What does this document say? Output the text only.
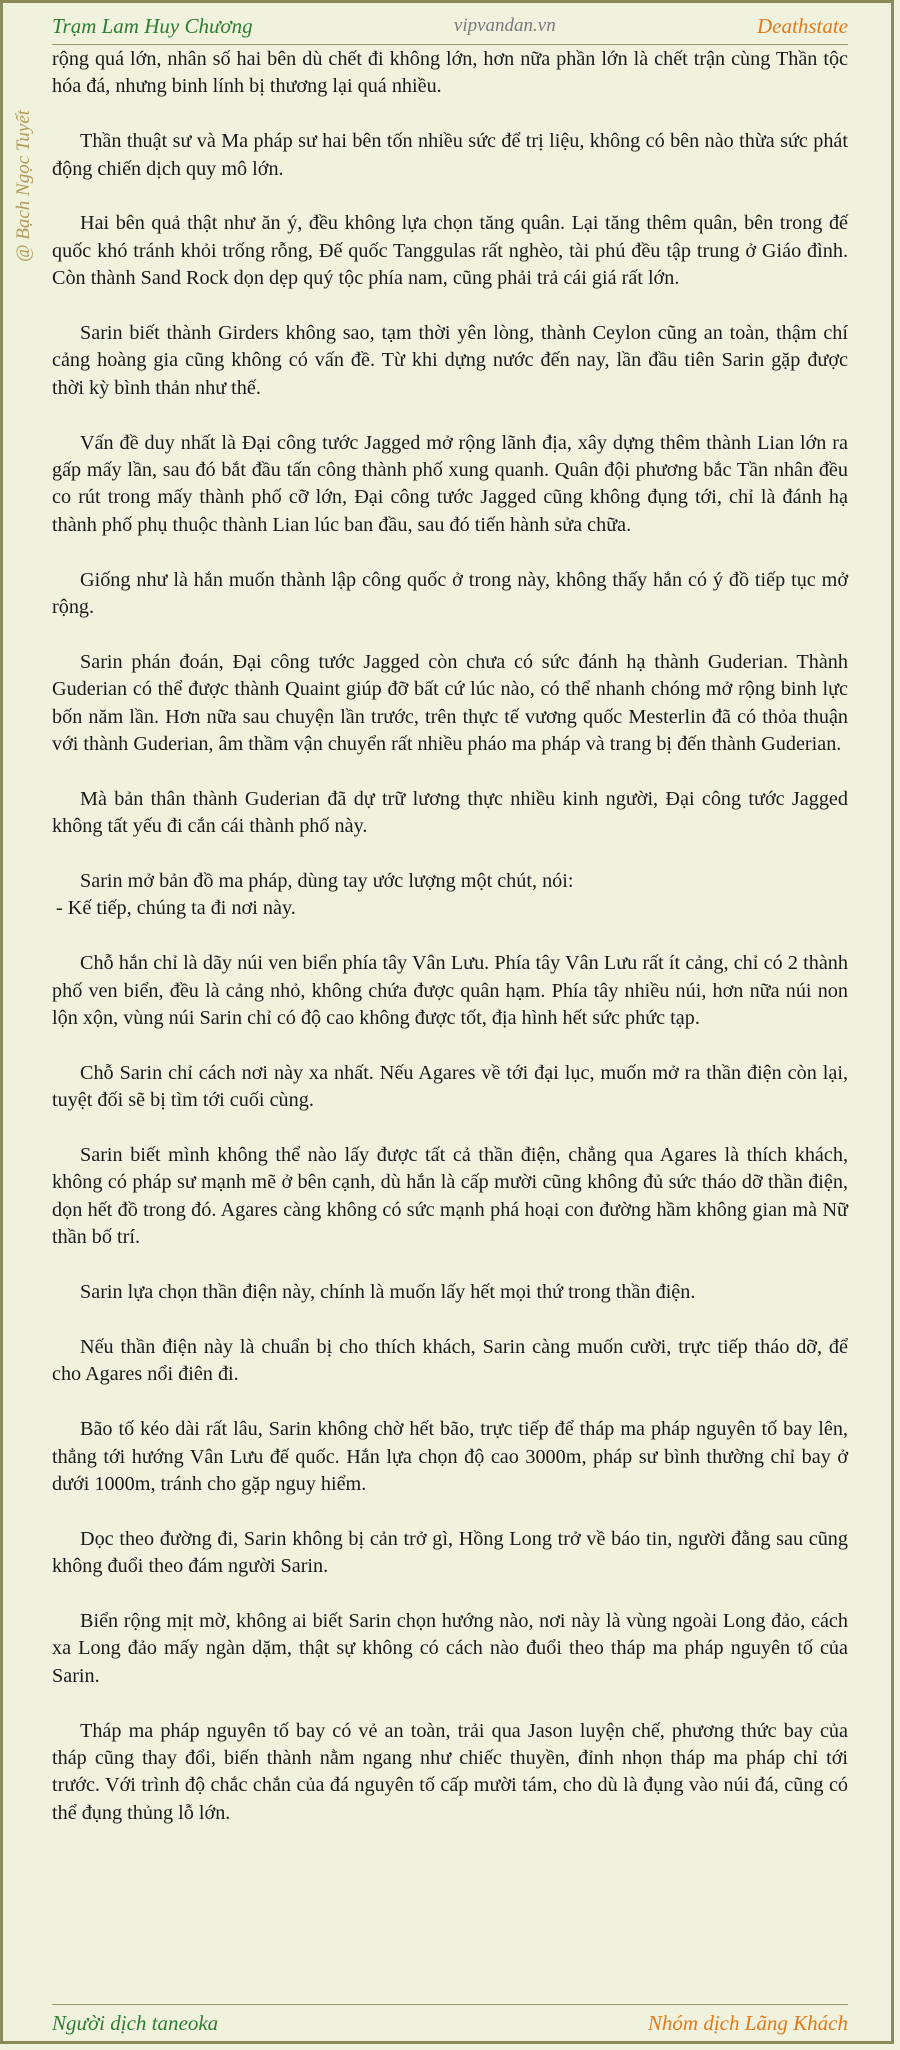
Trạm Lam Huy Chương	vipvandan.vn	Deathstate
@ Bạch Ngọc Tuyết

rộng quá lớn, nhân số hai bên dù chết đi không lớn, hơn nữa phần lớn là chết trận cùng Thần tộc hóa đá, nhưng binh lính bị thương lại quá nhiều.

Thần thuật sư và Ma pháp sư hai bên tốn nhiều sức để trị liệu, không có bên nào thừa sức phát động chiến dịch quy mô lớn.

Hai bên quả thật như ăn ý, đều không lựa chọn tăng quân. Lại tăng thêm quân, bên trong đế quốc khó tránh khỏi trống rỗng, Đế quốc Tanggulas rất nghèo, tài phú đều tập trung ở Giáo đình. Còn thành Sand Rock dọn dẹp quý tộc phía nam, cũng phải trả cái giá rất lớn.

Sarin biết thành Girders không sao, tạm thời yên lòng, thành Ceylon cũng an toàn, thậm chí cảng hoàng gia cũng không có vấn đề. Từ khi dựng nước đến nay, lần đầu tiên Sarin gặp được thời kỳ bình thản như thế.

Vấn đề duy nhất là Đại công tước Jagged mở rộng lãnh địa, xây dựng thêm thành Lian lớn ra gấp mấy lần, sau đó bắt đầu tấn công thành phố xung quanh. Quân đội phương bắc Tần nhân đều co rút trong mấy thành phố cỡ lớn, Đại công tước Jagged cũng không đụng tới, chỉ là đánh hạ thành phố phụ thuộc thành Lian lúc ban đầu, sau đó tiến hành sửa chữa.

Giống như là hắn muốn thành lập công quốc ở trong này, không thấy hắn có ý đồ tiếp tục mở rộng.

Sarin phán đoán, Đại công tước Jagged còn chưa có sức đánh hạ thành Guderian. Thành Guderian có thể được thành Quaint giúp đỡ bất cứ lúc nào, có thể nhanh chóng mở rộng binh lực bốn năm lần. Hơn nữa sau chuyện lần trước, trên thực tế vương quốc Mesterlin đã có thỏa thuận với thành Guderian, âm thầm vận chuyển rất nhiều pháo ma pháp và trang bị đến thành Guderian.

Mà bản thân thành Guderian đã dự trữ lương thực nhiều kinh người, Đại công tước Jagged không tất yếu đi cắn cái thành phố này.

Sarin mở bản đồ ma pháp, dùng tay ước lượng một chút, nói:

- Kế tiếp, chúng ta đi nơi này.

Chỗ hắn chỉ là dãy núi ven biển phía tây Vân Lưu. Phía tây Vân Lưu rất ít cảng, chỉ có 2 thành phố ven biển, đều là cảng nhỏ, không chứa được quân hạm. Phía tây nhiều núi, hơn nữa núi non lộn xộn, vùng núi Sarin chỉ có độ cao không được tốt, địa hình hết sức phức tạp.

Chỗ Sarin chỉ cách nơi này xa nhất. Nếu Agares về tới đại lục, muốn mở ra thần điện còn lại, tuyệt đối sẽ bị tìm tới cuối cùng.

Sarin biết mình không thể nào lấy được tất cả thần điện, chẳng qua Agares là thích khách, không có pháp sư mạnh mẽ ở bên cạnh, dù hắn là cấp mười cũng không đủ sức tháo dỡ thần điện, dọn hết đồ trong đó. Agares càng không có sức mạnh phá hoại con đường hầm không gian mà Nữ thần bố trí.

Sarin lựa chọn thần điện này, chính là muốn lấy hết mọi thứ trong thần điện.

Nếu thần điện này là chuẩn bị cho thích khách, Sarin càng muốn cười, trực tiếp tháo dỡ, để cho Agares nổi điên đi.

Bão tố kéo dài rất lâu, Sarin không chờ hết bão, trực tiếp để tháp ma pháp nguyên tố bay lên, thẳng tới hướng Vân Lưu đế quốc. Hắn lựa chọn độ cao 3000m, pháp sư bình thường chỉ bay ở dưới 1000m, tránh cho gặp nguy hiểm.

Dọc theo đường đi, Sarin không bị cản trở gì, Hồng Long trở về báo tin, người đằng sau cũng không đuổi theo đám người Sarin.

Biển rộng mịt mờ, không ai biết Sarin chọn hướng nào, nơi này là vùng ngoài Long đảo, cách xa Long đảo mấy ngàn dặm, thật sự không có cách nào đuổi theo tháp ma pháp nguyên tố của Sarin.

Tháp ma pháp nguyên tố bay có vẻ an toàn, trải qua Jason luyện chế, phương thức bay của tháp cũng thay đổi, biến thành nằm ngang như chiếc thuyền, đỉnh nhọn tháp ma pháp chỉ tới trước. Với trình độ chắc chắn của đá nguyên tố cấp mười tám, cho dù là đụng vào núi đá, cũng có thể đụng thủng lỗ lớn.

Người dịch taneoka	Nhóm dịch Lãng Khách
